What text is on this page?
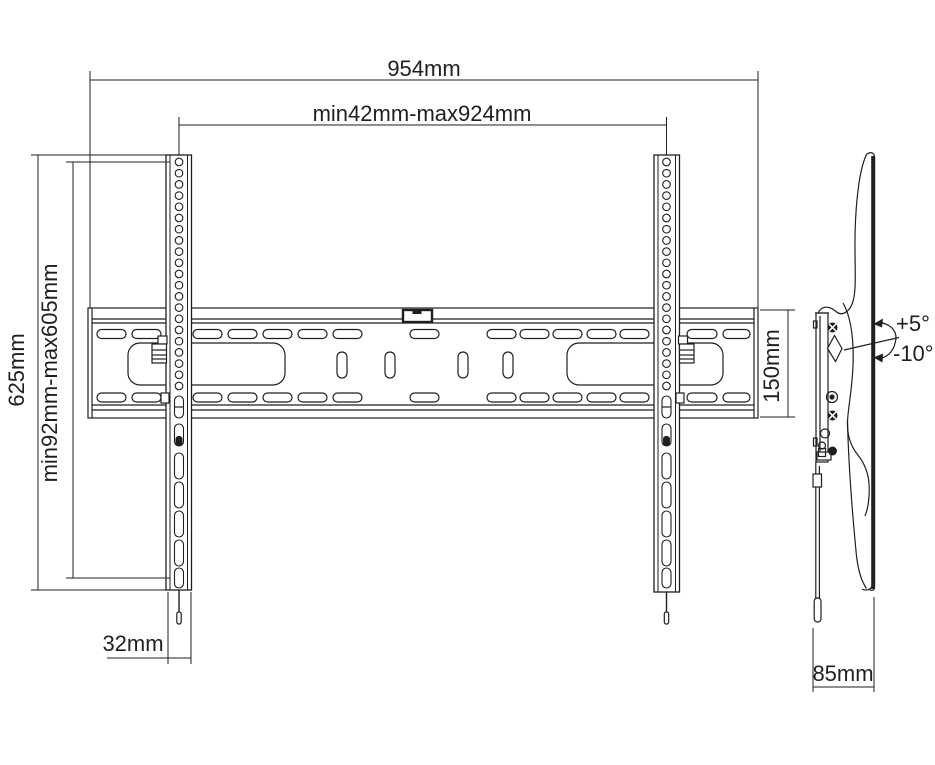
954mm
min42mm-max924mm
625mm min92mm-max605mm	150mm
32mm
85mm
+5°
-10°
